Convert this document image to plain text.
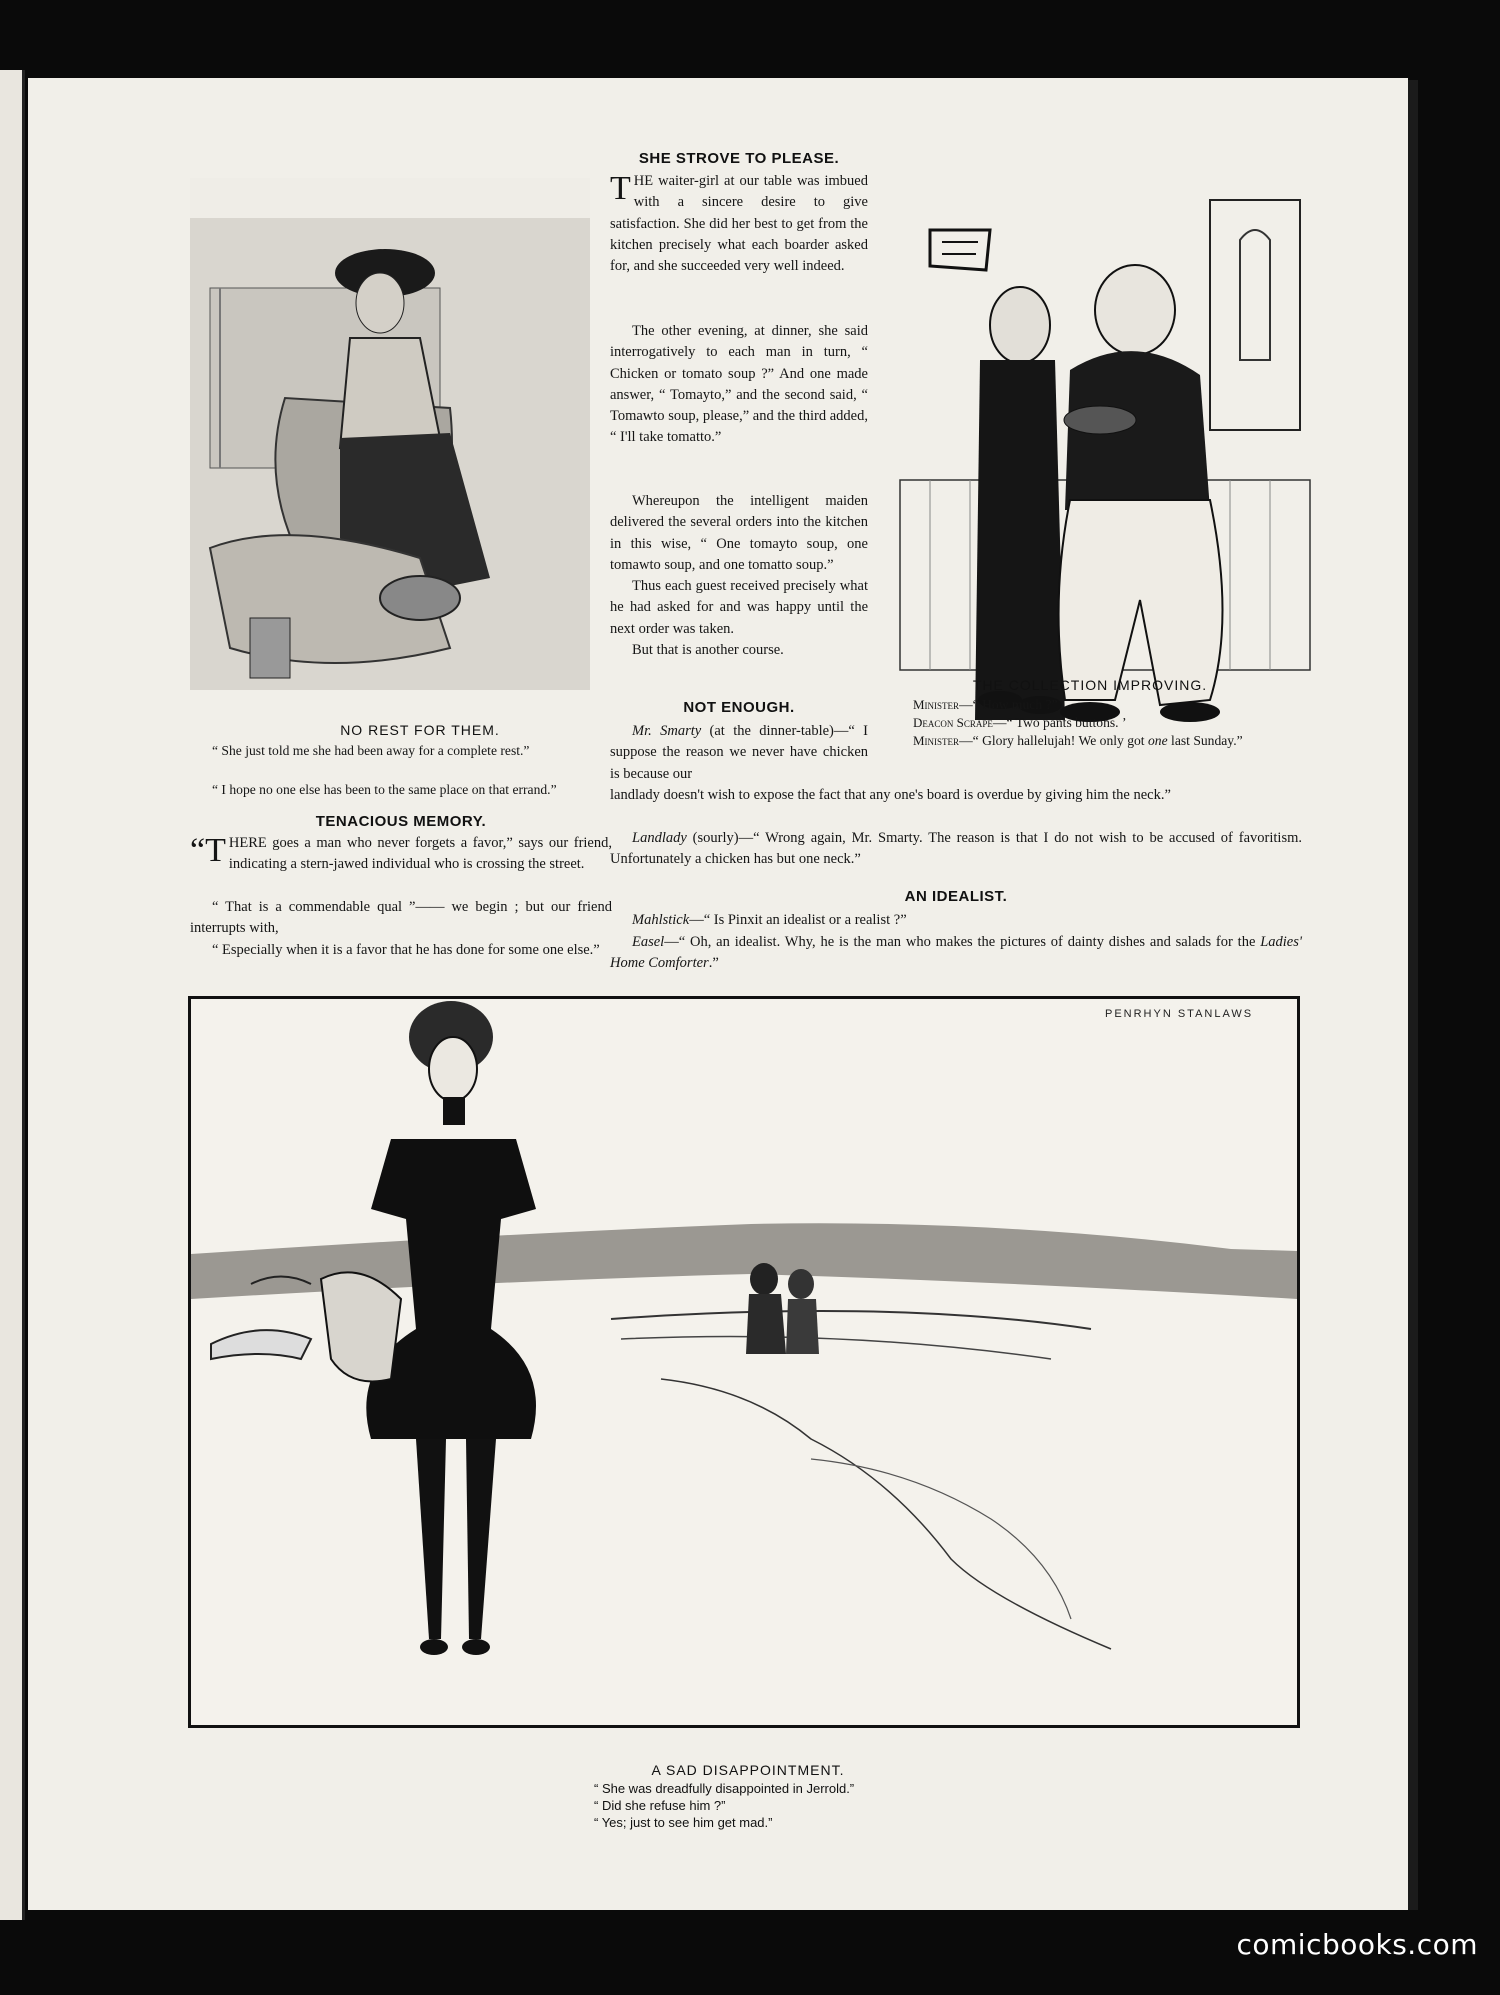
NO REST FOR THEM.

“ She just told me she had been away for a complete rest.”

“ I hope no one else has been to the same place on that errand.”

TENACIOUS MEMORY.

“THERE goes a man who never forgets a favor,” says our friend, indicating a stern-jawed individual who is crossing the street.

“ That is a commendable qual ”—— we begin ; but our friend interrupts with,

“ Especially when it is a favor that he has done for some one else.”

SHE STROVE TO PLEASE.

THE waiter-girl at our table was imbued with a sincere desire to give satisfaction. She did her best to get from the kitchen precisely what each boarder asked for, and she succeeded very well indeed.

The other evening, at dinner, she said interrogatively to each man in turn, “ Chicken or tomato soup ?” And one made answer, “ Tomayto,” and the second said, “ Tomawto soup, please,” and the third added, “ I'll take tomatto.”

Whereupon the intelligent maiden delivered the several orders into the kitchen in this wise, “ One tomayto soup, one tomawto soup, and one tomatto soup.”

Thus each guest received precisely what he had asked for and was happy until the next order was taken.

But that is another course.

NOT ENOUGH.

Mr. Smarty (at the dinner-table)—“ I suppose the reason we never have chicken is because our

landlady doesn't wish to expose the fact that any one's board is overdue by giving him the neck.”

Landlady (sourly)—“ Wrong again, Mr. Smarty. The reason is that I do not wish to be accused of favoritism. Unfortunately a chicken has but one neck.”

AN IDEALIST.

Mahlstick—“ Is Pinxit an idealist or a realist ?”

Easel—“ Oh, an idealist. Why, he is the man who makes the pictures of dainty dishes and salads for the Ladies' Home Comforter.”

THE COLLECTION IMPROVING.

Minister—“ How much ?”

Deacon Scrape—“ Two pants buttons. ’

Minister—“ Glory hallelujah! We only got one last Sunday.”

PENRHYN STANLAWS
A SAD DISAPPOINTMENT.
“ She was dreadfully disappointed in Jerrold.”
“ Did she refuse him ?”
“ Yes; just to see him get mad.”
comicbooks.com
